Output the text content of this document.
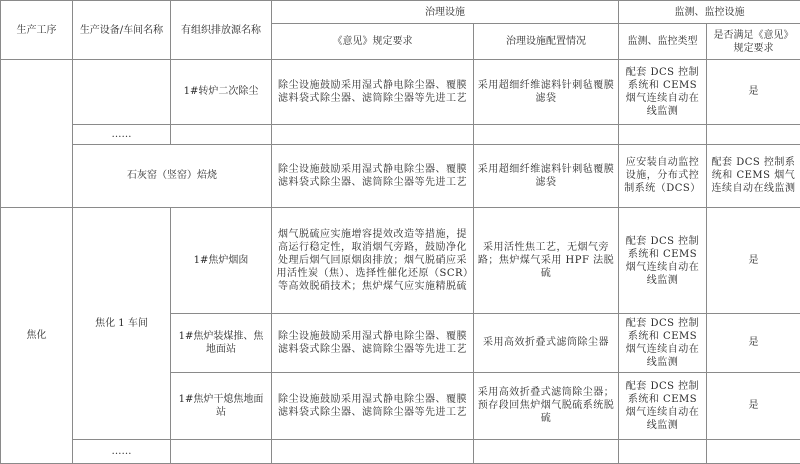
生产工序	生产设备/车间名称	有组织排放源名称	治理设施		监测、监控设施	
			《意见》规定要求	治理设施配置情况	监测、监控类型	是否满足《意见》规定要求
		1#转炉二次除尘	除尘设施鼓励采用湿式静电除尘器、覆膜滤料袋式除尘器、滤筒除尘器等先进工艺	采用超细纤维滤料针刺毡覆膜滤袋	配套 DCS 控制系统和 CEMS 烟气连续自动在线监测	是
	……					
	石灰窑（竖窑）焙烧		除尘设施鼓励采用湿式静电除尘器、覆膜滤料袋式除尘器、滤筒除尘器等先进工艺	采用超细纤维滤料针刺毡覆膜滤袋	应安装自动监控设施，分布式控制系统（DCS）	配套 DCS 控制系统和 CEMS 烟气连续自动在线监测
焦化	焦化 1 车间	1#焦炉烟囱	烟气脱硫应实施增容提效改造等措施，提高运行稳定性，取消烟气旁路，鼓励净化处理后烟气回原烟囱排放；烟气脱硝应采用活性炭（焦）、选择性催化还原（SCR）等高效脱硝技术；焦炉煤气应实施精脱硫	采用活性焦工艺，无烟气旁路；焦炉煤气采用 HPF 法脱硫	配套 DCS 控制系统和 CEMS 烟气连续自动在线监测	是
		1#焦炉装煤推、焦地面站	除尘设施鼓励采用湿式静电除尘器、覆膜滤料袋式除尘器、滤筒除尘器等先进工艺	采用高效折叠式滤筒除尘器	配套 DCS 控制系统和 CEMS 烟气连续自动在线监测	是
		1#焦炉干熄焦地面站	除尘设施鼓励采用湿式静电除尘器、覆膜滤料袋式除尘器、滤筒除尘器等先进工艺	采用高效折叠式滤筒除尘器；预存段回焦炉烟气脱硫系统脱硫	配套 DCS 控制系统和 CEMS 烟气连续自动在线监测	是
	……					
